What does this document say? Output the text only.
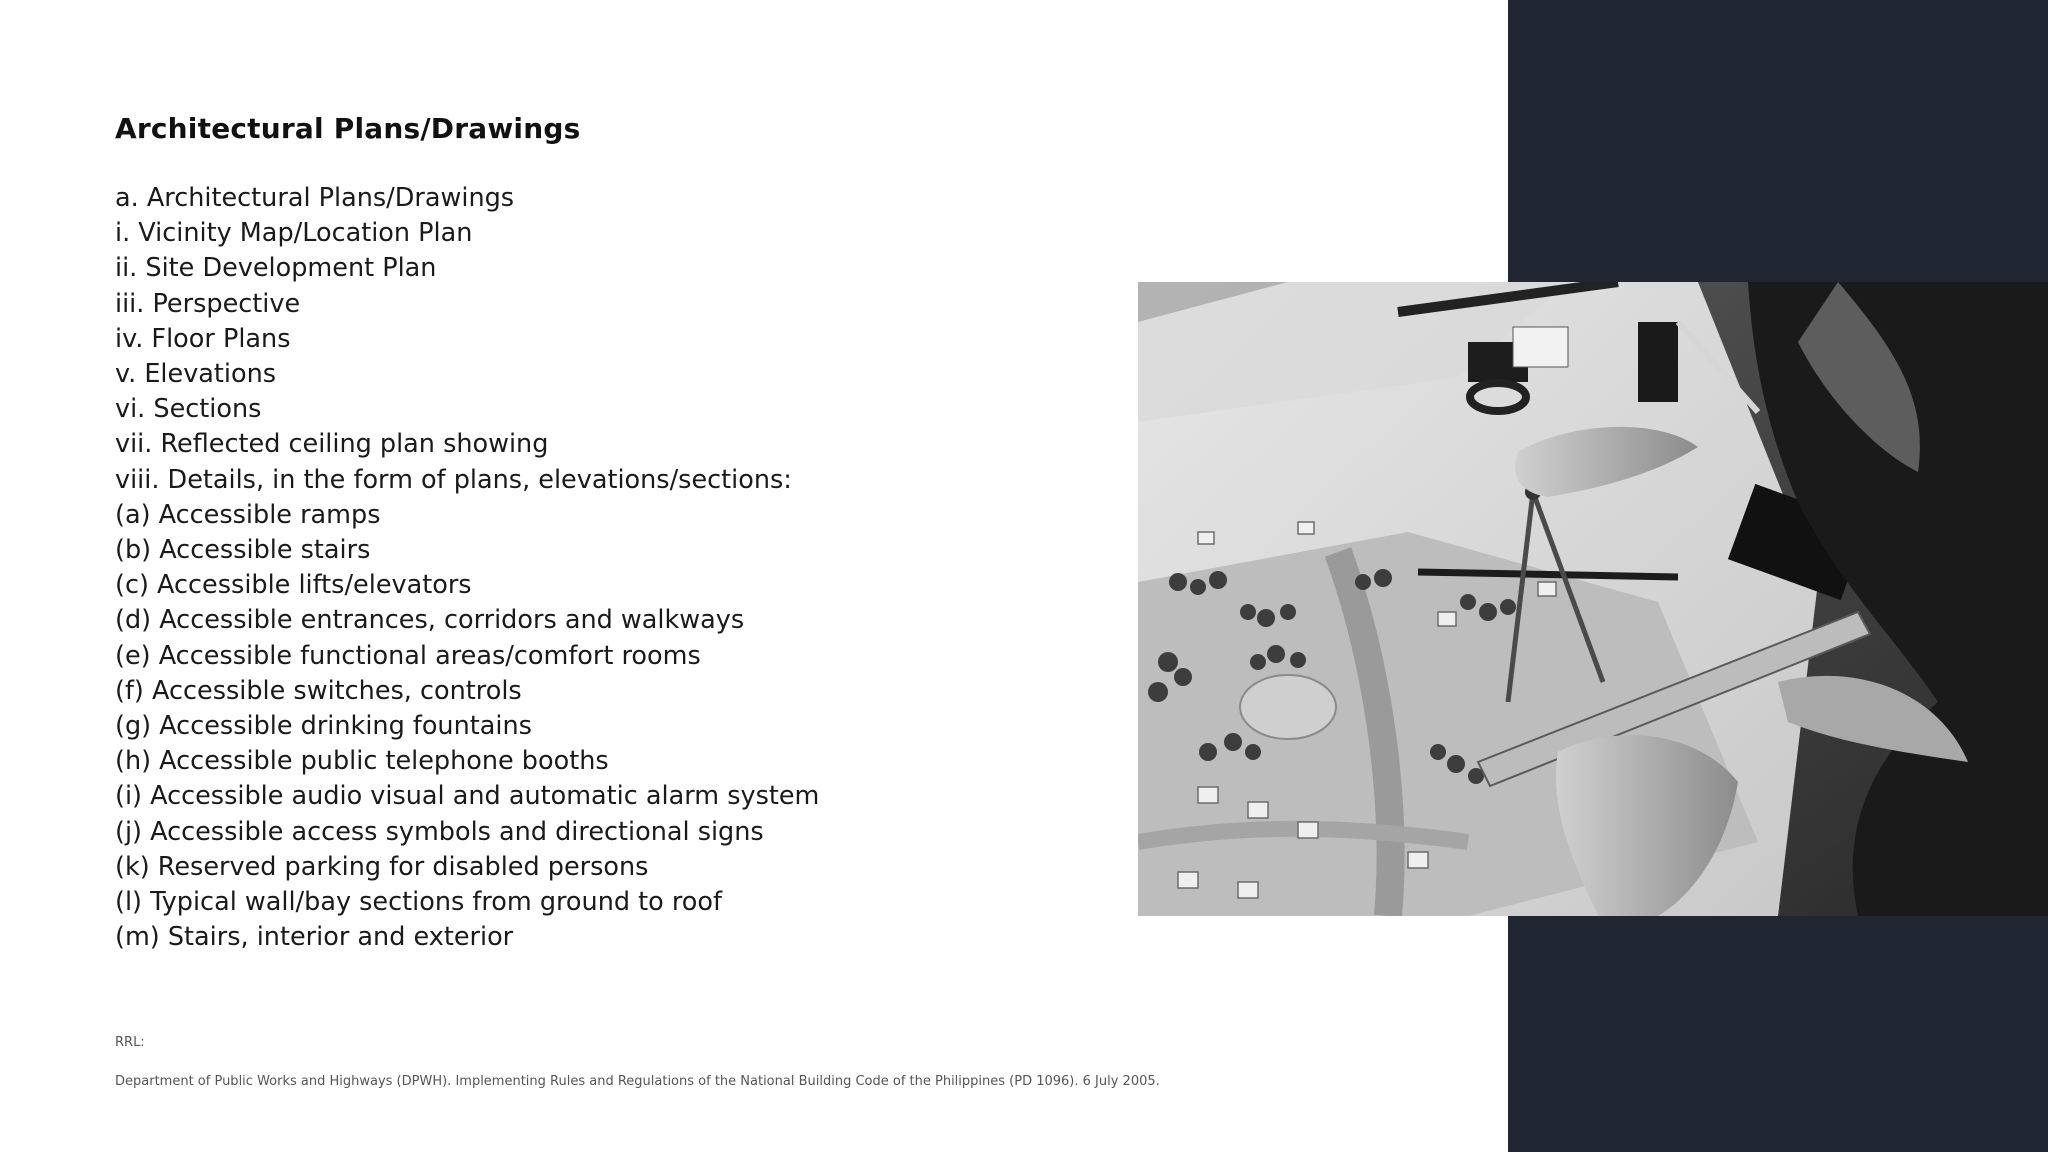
Architectural Plans/Drawings
a. Architectural Plans/Drawings
i. Vicinity Map/Location Plan
ii. Site Development Plan
iii. Perspective
iv. Floor Plans
v. Elevations
vi. Sections
vii. Reflected ceiling plan showing
viii. Details, in the form of plans, elevations/sections:
(a) Accessible ramps
(b) Accessible stairs
(c) Accessible lifts/elevators
(d) Accessible entrances, corridors and walkways
(e) Accessible functional areas/comfort rooms
(f) Accessible switches, controls
(g) Accessible drinking fountains
(h) Accessible public telephone booths
(i) Accessible audio visual and automatic alarm system
(j) Accessible access symbols and directional signs
(k) Reserved parking for disabled persons
(l) Typical wall/bay sections from ground to roof
(m) Stairs, interior and exterior
RRL:
Department of Public Works and Highways (DPWH). Implementing Rules and Regulations of the National Building Code of the Philippines (PD 1096). 6 July 2005.
